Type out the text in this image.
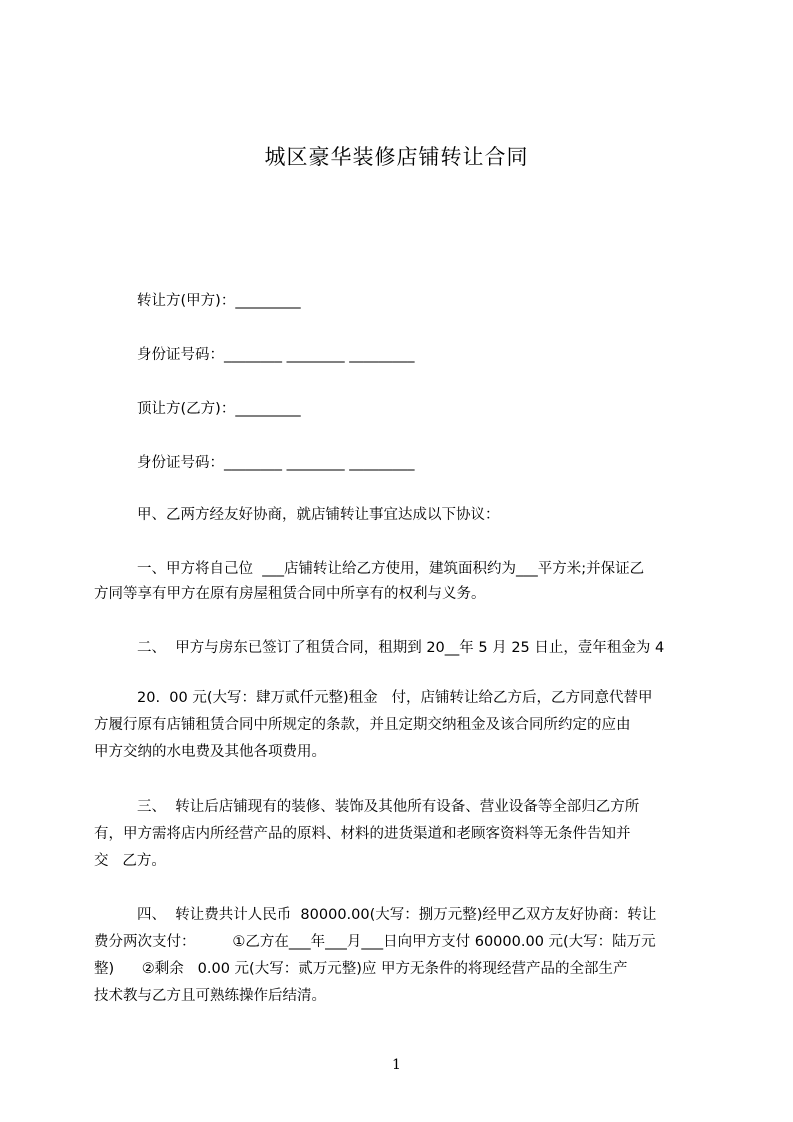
城区豪华装修店铺转让合同
转让方(甲方)：_________
身份证号码：________ ________ _________
顶让方(乙方)：_________
身份证号码：________ ________ _________
甲、乙两方经友好协商，就店铺转让事宜达成以下协议：
一、甲方将自己位  ___店铺转让给乙方使用，建筑面积约为___平方米;并保证乙
方同等享有甲方在原有房屋租赁合同中所享有的权利与义务。
二、  甲方与房东已签订了租赁合同，租期到 20__年 5 月 25 日止，壹年租金为 4
20.  00 元(大写：肆万贰仟元整)租金   付，店铺转让给乙方后，乙方同意代替甲
方履行原有店铺租赁合同中所规定的条款，并且定期交纳租金及该合同所约定的应由
甲方交纳的水电费及其他各项费用。
三、  转让后店铺现有的装修、装饰及其他所有设备、营业设备等全部归乙方所
有，甲方需将店内所经营产品的原料、材料的进货渠道和老顾客资料等无条件告知并
交   乙方。
四、  转让费共计人民币  80000.00(大写：捌万元整)经甲乙双方友好协商：转让
费分两次支付：        ①乙方在___年___月___日向甲方支付 60000.00 元(大写：陆万元
整)      ②剩余   0.00 元(大写：贰万元整)应 甲方无条件的将现经营产品的全部生产
技术教与乙方且可熟练操作后结清。
1
